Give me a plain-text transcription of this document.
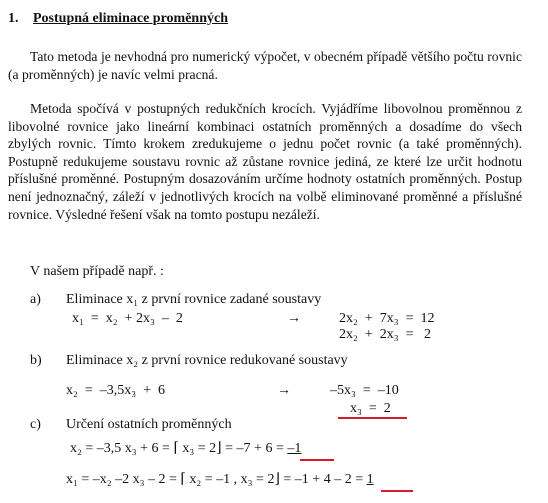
1. Postupná eliminace proměnných
Tato metoda je nevhodná pro numerický výpočet, v obecném případě většího počtu rovnic (a proměnných) je navíc velmi pracná.
Metoda spočívá v postupných redukčních krocích. Vyjádříme libovolnou proměnnou z libovolné rovnice jako lineární kombinaci ostatních proměnných a dosadíme do všech zbylých rovnic. Tímto krokem zredukujeme o jednu počet rovnic (a také proměnných). Postupně redukujeme soustavu rovnic až zůstane rovnice jediná, ze které lze určit hodnotu příslušné proměnné. Postupným dosazováním určíme hodnoty ostatních proměnných. Postup není jednoznačný, záleží v jednotlivých krocích na volbě eliminované proměnné a příslušné rovnice. Výsledné řešení však na tomto postupu nezáleží.
V našem případě např. :
a) Eliminace x₁ z první rovnice zadané soustavy
x₁  =  x₂  + 2x₃  –  2	→	2x₂  +  7x₃  =  12
2x₂  +  2x₃  =   2
b) Eliminace x₂ z první rovnice redukované soustavy
x₂  =  –3,5x₃  +  6	→	–5x₃  =  –10
x₃  =  2
c) Určení ostatních proměnných
x₂ = –3,5 x₃ + 6 = ⌈ x₃ = 2⌋ = –7 + 6 = –1
x₁ = –x₂ –2 x₃ – 2 = ⌈ x₂ = –1 , x₃ = 2⌋ = –1 + 4 – 2 = 1
